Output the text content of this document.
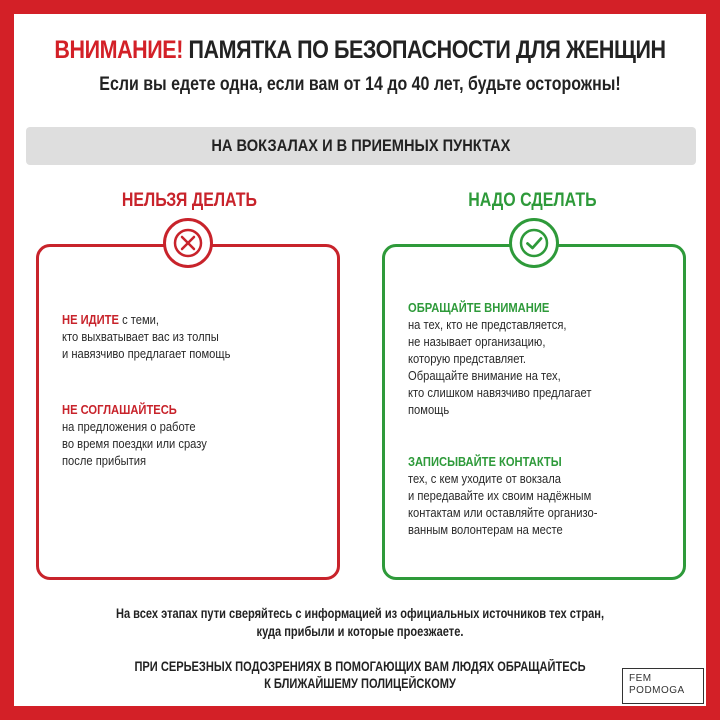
ВНИМАНИЕ! ПАМЯТКА ПО БЕЗОПАСНОСТИ ДЛЯ ЖЕНЩИН
Если вы едете одна, если вам от 14 до 40 лет, будьте осторожны!
НА ВОКЗАЛАХ И В ПРИЕМНЫХ ПУНКТАХ
НЕЛЬЗЯ ДЕЛАТЬ	НАДО СДЕЛАТЬ
НЕ ИДИТЕ с теми,
кто выхватывает вас из толпы
и навязчиво предлагает помощь
НЕ СОГЛАШАЙТЕСЬ
на предложения о работе
во время поездки или сразу
после прибытия
ОБРАЩАЙТЕ ВНИМАНИЕ
на тех, кто не представляется,
не называет организацию,
которую представляет.
Обращайте внимание на тех,
кто слишком навязчиво предлагает
помощь
ЗАПИСЫВАЙТЕ КОНТАКТЫ
тех, с кем уходите от вокзала
и передавайте их своим надёжным
контактам или оставляйте организо-
ванным волонтерам на месте
На всех этапах пути сверяйтесь с информацией из официальных источников тех стран,
куда прибыли и которые проезжаете.
ПРИ СЕРЬЕЗНЫХ ПОДОЗРЕНИЯХ В ПОМОГАЮЩИХ ВАМ ЛЮДЯХ ОБРАЩАЙТЕСЬ
К БЛИЖАЙШЕМУ ПОЛИЦЕЙСКОМУ	FEM
PODMOGA
